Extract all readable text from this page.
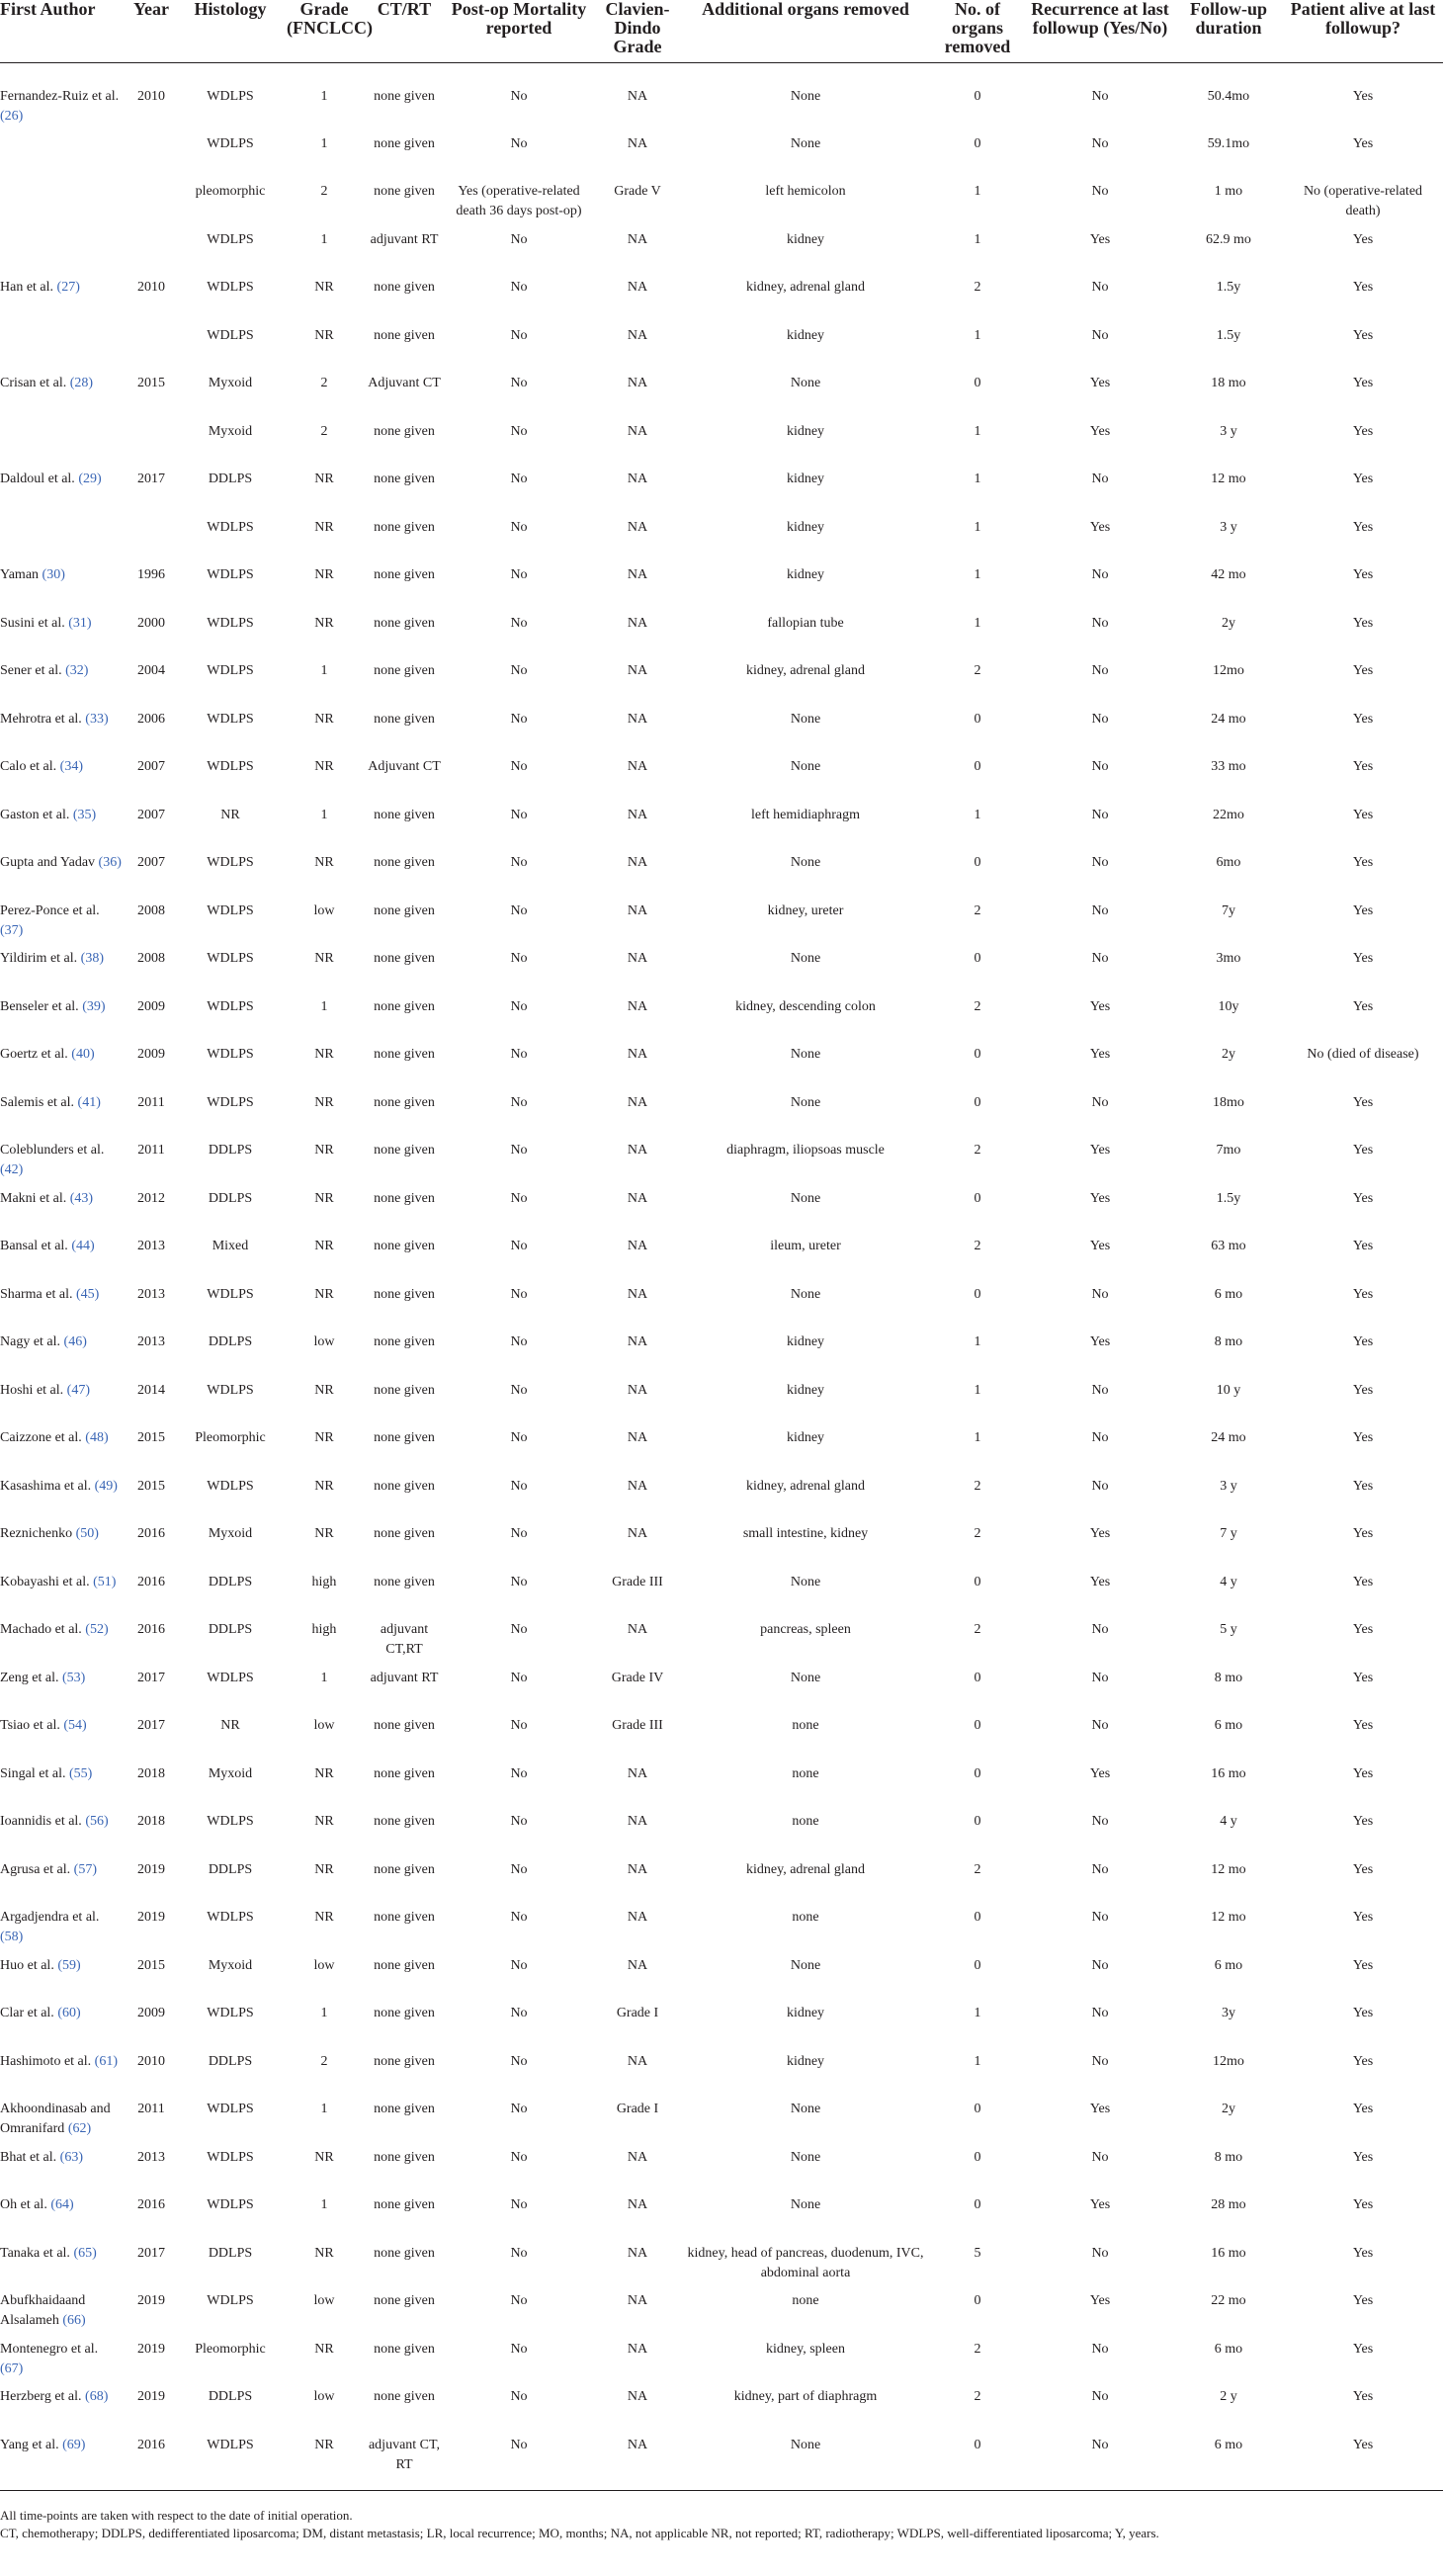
First Author	Year	Histology	Grade (FNCLCC)	CT/RT	Post-op Mortality reported	Clavien-Dindo Grade	Additional organs removed	No. of organs removed	Recurrence at last followup (Yes/No)	Follow-up duration	Patient alive at last followup?
Fernandez-Ruiz et al. (26)	2010	WDLPS	1	none given	No	NA	None	0	No	50.4mo	Yes
		WDLPS	1	none given	No	NA	None	0	No	59.1mo	Yes
		pleomorphic	2	none given	Yes (operative-related death 36 days post-op)	Grade V	left hemicolon	1	No	1 mo	No (operative-related death)
		WDLPS	1	adjuvant RT	No	NA	kidney	1	Yes	62.9 mo	Yes
Han et al. (27)	2010	WDLPS	NR	none given	No	NA	kidney, adrenal gland	2	No	1.5y	Yes
		WDLPS	NR	none given	No	NA	kidney	1	No	1.5y	Yes
Crisan et al. (28)	2015	Myxoid	2	Adjuvant CT	No	NA	None	0	Yes	18 mo	Yes
		Myxoid	2	none given	No	NA	kidney	1	Yes	3 y	Yes
Daldoul et al. (29)	2017	DDLPS	NR	none given	No	NA	kidney	1	No	12 mo	Yes
		WDLPS	NR	none given	No	NA	kidney	1	Yes	3 y	Yes
Yaman (30)	1996	WDLPS	NR	none given	No	NA	kidney	1	No	42 mo	Yes
Susini et al. (31)	2000	WDLPS	NR	none given	No	NA	fallopian tube	1	No	2y	Yes
Sener et al. (32)	2004	WDLPS	1	none given	No	NA	kidney, adrenal gland	2	No	12mo	Yes
Mehrotra et al. (33)	2006	WDLPS	NR	none given	No	NA	None	0	No	24 mo	Yes
Calo et al. (34)	2007	WDLPS	NR	Adjuvant CT	No	NA	None	0	No	33 mo	Yes
Gaston et al. (35)	2007	NR	1	none given	No	NA	left hemidiaphragm	1	No	22mo	Yes
Gupta and Yadav (36)	2007	WDLPS	NR	none given	No	NA	None	0	No	6mo	Yes
Perez-Ponce et al. (37)	2008	WDLPS	low	none given	No	NA	kidney, ureter	2	No	7y	Yes
Yildirim et al. (38)	2008	WDLPS	NR	none given	No	NA	None	0	No	3mo	Yes
Benseler et al. (39)	2009	WDLPS	1	none given	No	NA	kidney, descending colon	2	Yes	10y	Yes
Goertz et al. (40)	2009	WDLPS	NR	none given	No	NA	None	0	Yes	2y	No (died of disease)
Salemis et al. (41)	2011	WDLPS	NR	none given	No	NA	None	0	No	18mo	Yes
Coleblunders et al. (42)	2011	DDLPS	NR	none given	No	NA	diaphragm, iliopsoas muscle	2	Yes	7mo	Yes
Makni et al. (43)	2012	DDLPS	NR	none given	No	NA	None	0	Yes	1.5y	Yes
Bansal et al. (44)	2013	Mixed	NR	none given	No	NA	ileum, ureter	2	Yes	63 mo	Yes
Sharma et al. (45)	2013	WDLPS	NR	none given	No	NA	None	0	No	6 mo	Yes
Nagy et al. (46)	2013	DDLPS	low	none given	No	NA	kidney	1	Yes	8 mo	Yes
Hoshi et al. (47)	2014	WDLPS	NR	none given	No	NA	kidney	1	No	10 y	Yes
Caizzone et al. (48)	2015	Pleomorphic	NR	none given	No	NA	kidney	1	No	24 mo	Yes
Kasashima et al. (49)	2015	WDLPS	NR	none given	No	NA	kidney, adrenal gland	2	No	3 y	Yes
Reznichenko (50)	2016	Myxoid	NR	none given	No	NA	small intestine, kidney	2	Yes	7 y	Yes
Kobayashi et al. (51)	2016	DDLPS	high	none given	No	Grade III	None	0	Yes	4 y	Yes
Machado et al. (52)	2016	DDLPS	high	adjuvant CT,RT	No	NA	pancreas, spleen	2	No	5 y	Yes
Zeng et al. (53)	2017	WDLPS	1	adjuvant RT	No	Grade IV	None	0	No	8 mo	Yes
Tsiao et al. (54)	2017	NR	low	none given	No	Grade III	none	0	No	6 mo	Yes
Singal et al. (55)	2018	Myxoid	NR	none given	No	NA	none	0	Yes	16 mo	Yes
Ioannidis et al. (56)	2018	WDLPS	NR	none given	No	NA	none	0	No	4 y	Yes
Agrusa et al. (57)	2019	DDLPS	NR	none given	No	NA	kidney, adrenal gland	2	No	12 mo	Yes
Argadjendra et al. (58)	2019	WDLPS	NR	none given	No	NA	none	0	No	12 mo	Yes
Huo et al. (59)	2015	Myxoid	low	none given	No	NA	None	0	No	6 mo	Yes
Clar et al. (60)	2009	WDLPS	1	none given	No	Grade I	kidney	1	No	3y	Yes
Hashimoto et al. (61)	2010	DDLPS	2	none given	No	NA	kidney	1	No	12mo	Yes
Akhoondinasab and Omranifard (62)	2011	WDLPS	1	none given	No	Grade I	None	0	Yes	2y	Yes
Bhat et al. (63)	2013	WDLPS	NR	none given	No	NA	None	0	No	8 mo	Yes
Oh et al. (64)	2016	WDLPS	1	none given	No	NA	None	0	Yes	28 mo	Yes
Tanaka et al. (65)	2017	DDLPS	NR	none given	No	NA	kidney, head of pancreas, duodenum, IVC, abdominal aorta	5	No	16 mo	Yes
Abufkhaidaand Alsalameh (66)	2019	WDLPS	low	none given	No	NA	none	0	Yes	22 mo	Yes
Montenegro et al. (67)	2019	Pleomorphic	NR	none given	No	NA	kidney, spleen	2	No	6 mo	Yes
Herzberg et al. (68)	2019	DDLPS	low	none given	No	NA	kidney, part of diaphragm	2	No	2 y	Yes
Yang et al. (69)	2016	WDLPS	NR	adjuvant CT, RT	No	NA	None	0	No	6 mo	Yes
All time-points are taken with respect to the date of initial operation.
CT, chemotherapy; DDLPS, dedifferentiated liposarcoma; DM, distant metastasis; LR, local recurrence; MO, months; NA, not applicable NR, not reported; RT, radiotherapy; WDLPS, well-differentiated liposarcoma; Y, years.
